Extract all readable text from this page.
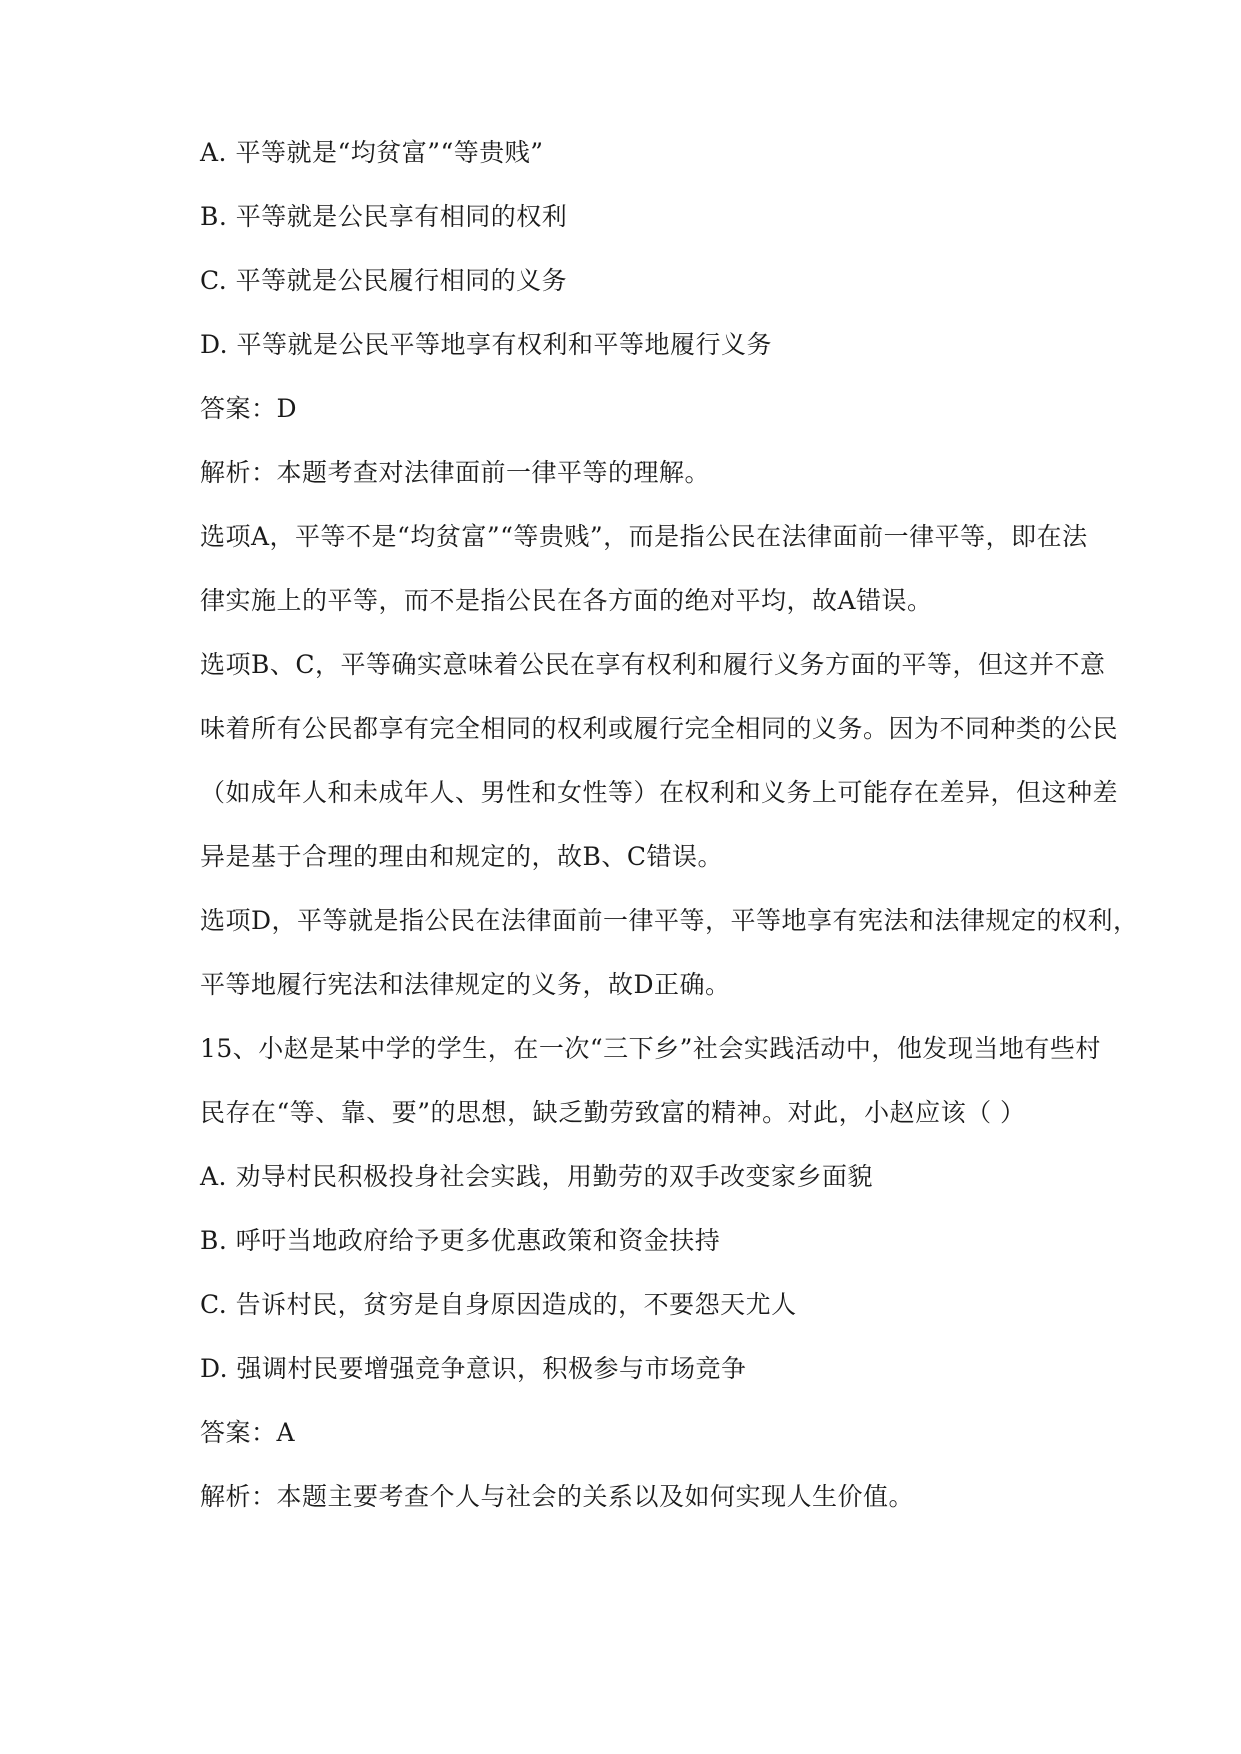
A. 平等就是“均贫富”“等贵贱”
B. 平等就是公民享有相同的权利
C. 平等就是公民履行相同的义务
D. 平等就是公民平等地享有权利和平等地履行义务
答案：D
解析：本题考查对法律面前一律平等的理解。
选项A，平等不是“均贫富”“等贵贱”，而是指公民在法律面前一律平等，即在法
律实施上的平等，而不是指公民在各方面的绝对平均，故A错误。
选项B、C，平等确实意味着公民在享有权利和履行义务方面的平等，但这并不意
味着所有公民都享有完全相同的权利或履行完全相同的义务。因为不同种类的公民
（如成年人和未成年人、男性和女性等）在权利和义务上可能存在差异，但这种差
异是基于合理的理由和规定的，故B、C错误。
选项D，平等就是指公民在法律面前一律平等，平等地享有宪法和法律规定的权利，
平等地履行宪法和法律规定的义务，故D正确。
15、小赵是某中学的学生，在一次“三下乡”社会实践活动中，他发现当地有些村
民存在“等、靠、要”的思想，缺乏勤劳致富的精神。对此，小赵应该（ ）
A. 劝导村民积极投身社会实践，用勤劳的双手改变家乡面貌
B. 呼吁当地政府给予更多优惠政策和资金扶持
C. 告诉村民，贫穷是自身原因造成的，不要怨天尤人
D. 强调村民要增强竞争意识，积极参与市场竞争
答案：A
解析：本题主要考查个人与社会的关系以及如何实现人生价值。
